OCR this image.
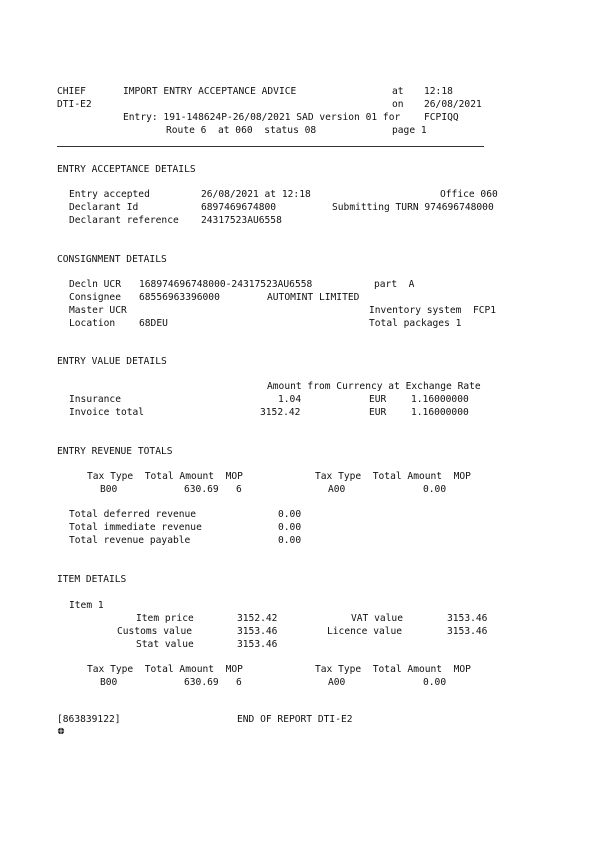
CHIEF	IMPORT ENTRY ACCEPTANCE ADVICE	at 12:18
DTI-E2	on 26/08/2021
Entry: 191-148624P-26/08/2021 SAD version 01 for FCPIQQ
Route 6  at 060  status 08	page 1
ENTRY ACCEPTANCE DETAILS
Entry accepted	26/08/2021 at 12:18	Office 060
Declarant Id	6897469674800	Submitting TURN 974696748000
Declarant reference 24317523AU6558
CONSIGNMENT DETAILS
Decln UCR 168974696748000-24317523AU6558	part  A
Consignee 68556963396000	AUTOMINT LIMITED
Master UCR	Inventory system  FCP1
Location 68DEU	Total packages 1
ENTRY VALUE DETAILS
Amount from Currency at Exchange Rate
Insurance	1.04	EUR	1.16000000
Invoice total	3152.42	EUR	1.16000000
ENTRY REVENUE TOTALS
Tax Type  Total Amount  MOP	Tax Type  Total Amount  MOP
B00	630.69 6	A00	0.00
Total deferred revenue	0.00
Total immediate revenue	0.00
Total revenue payable	0.00
ITEM DETAILS
Item 1
Item price	3152.42	VAT value	3153.46
Customs value	3153.46	Licence value	3153.46
Stat value	3153.46
Tax Type  Total Amount  MOP	Tax Type  Total Amount  MOP
B00	630.69 6	A00	0.00
[863839122]	END OF REPORT DTI-E2
